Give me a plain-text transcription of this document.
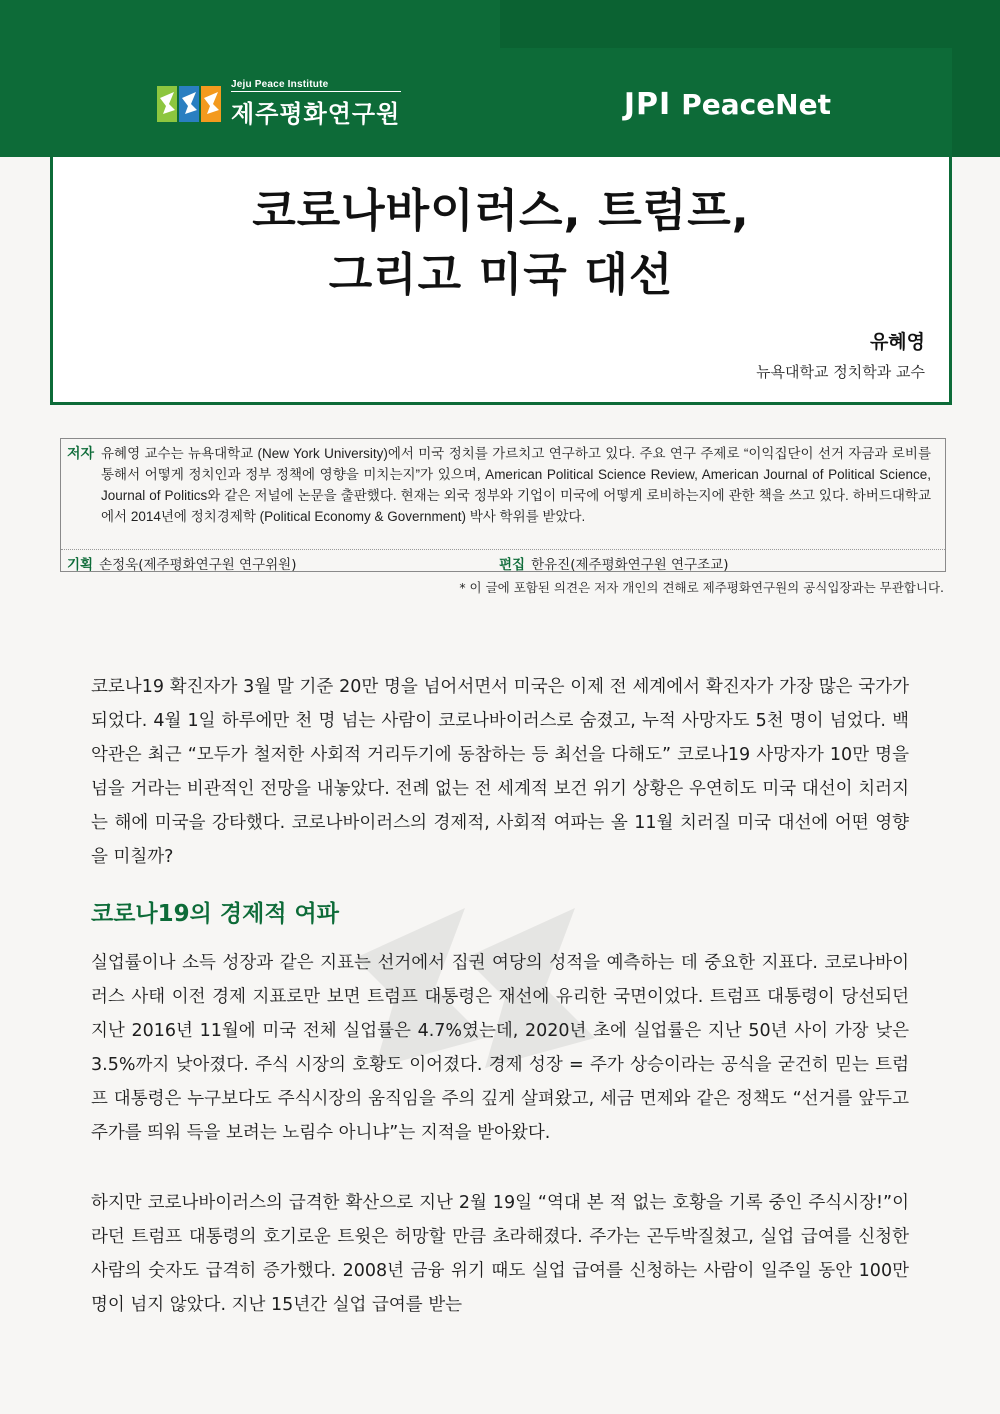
Jeju Peace Institute
제주평화연구원	JPI PeaceNet
코로나바이러스, 트럼프,
그리고 미국 대선
유혜영
뉴욕대학교 정치학과 교수
저자 유혜영 교수는 뉴욕대학교 (New York University)에서 미국 정치를 가르치고 연구하고 있다. 주요 연구 주제로 “이익집단이 선거 자금과 로비를 통해서 어떻게 정치인과 정부 정책에 영향을 미치는지”가 있으며, American Political Science Review, American Journal of Political Science, Journal of Politics와 같은 저널에 논문을 출판했다. 현재는 외국 정부와 기업이 미국에 어떻게 로비하는지에 관한 책을 쓰고 있다. 하버드대학교에서 2014년에 정치경제학 (Political Economy & Government) 박사 학위를 받았다.

기획 손정욱(제주평화연구원 연구위원)	편집 한유진(제주평화연구원 연구조교)
* 이 글에 포함된 의견은 저자 개인의 견해로 제주평화연구원의 공식입장과는 무관합니다.

코로나19 확진자가 3월 말 기준 20만 명을 넘어서면서 미국은 이제 전 세계에서 확진자가 가장 많은 국가가 되었다. 4월 1일 하루에만 천 명 넘는 사람이 코로나바이러스로 숨졌고, 누적 사망자도 5천 명이 넘었다. 백악관은 최근 “모두가 철저한 사회적 거리두기에 동참하는 등 최선을 다해도” 코로나19 사망자가 10만 명을 넘을 거라는 비관적인 전망을 내놓았다. 전례 없는 전 세계적 보건 위기 상황은 우연히도 미국 대선이 치러지는 해에 미국을 강타했다. 코로나바이러스의 경제적, 사회적 여파는 올 11월 치러질 미국 대선에 어떤 영향을 미칠까?

코로나19의 경제적 여파

실업률이나 소득 성장과 같은 지표는 선거에서 집권 여당의 성적을 예측하는 데 중요한 지표다. 코로나바이러스 사태 이전 경제 지표로만 보면 트럼프 대통령은 재선에 유리한 국면이었다. 트럼프 대통령이 당선되던 지난 2016년 11월에 미국 전체 실업률은 4.7%였는데, 2020년 초에 실업률은 지난 50년 사이 가장 낮은 3.5%까지 낮아졌다. 주식 시장의 호황도 이어졌다. 경제 성장 = 주가 상승이라는 공식을 굳건히 믿는 트럼프 대통령은 누구보다도 주식시장의 움직임을 주의 깊게 살펴왔고, 세금 면제와 같은 정책도 “선거를 앞두고 주가를 띄워 득을 보려는 노림수 아니냐”는 지적을 받아왔다.

하지만 코로나바이러스의 급격한 확산으로 지난 2월 19일 “역대 본 적 없는 호황을 기록 중인 주식시장!”이라던 트럼프 대통령의 호기로운 트윗은 허망할 만큼 초라해졌다. 주가는 곤두박질쳤고, 실업 급여를 신청한 사람의 숫자도 급격히 증가했다. 2008년 금융 위기 때도 실업 급여를 신청하는 사람이 일주일 동안 100만 명이 넘지 않았다. 지난 15년간 실업 급여를 받는
